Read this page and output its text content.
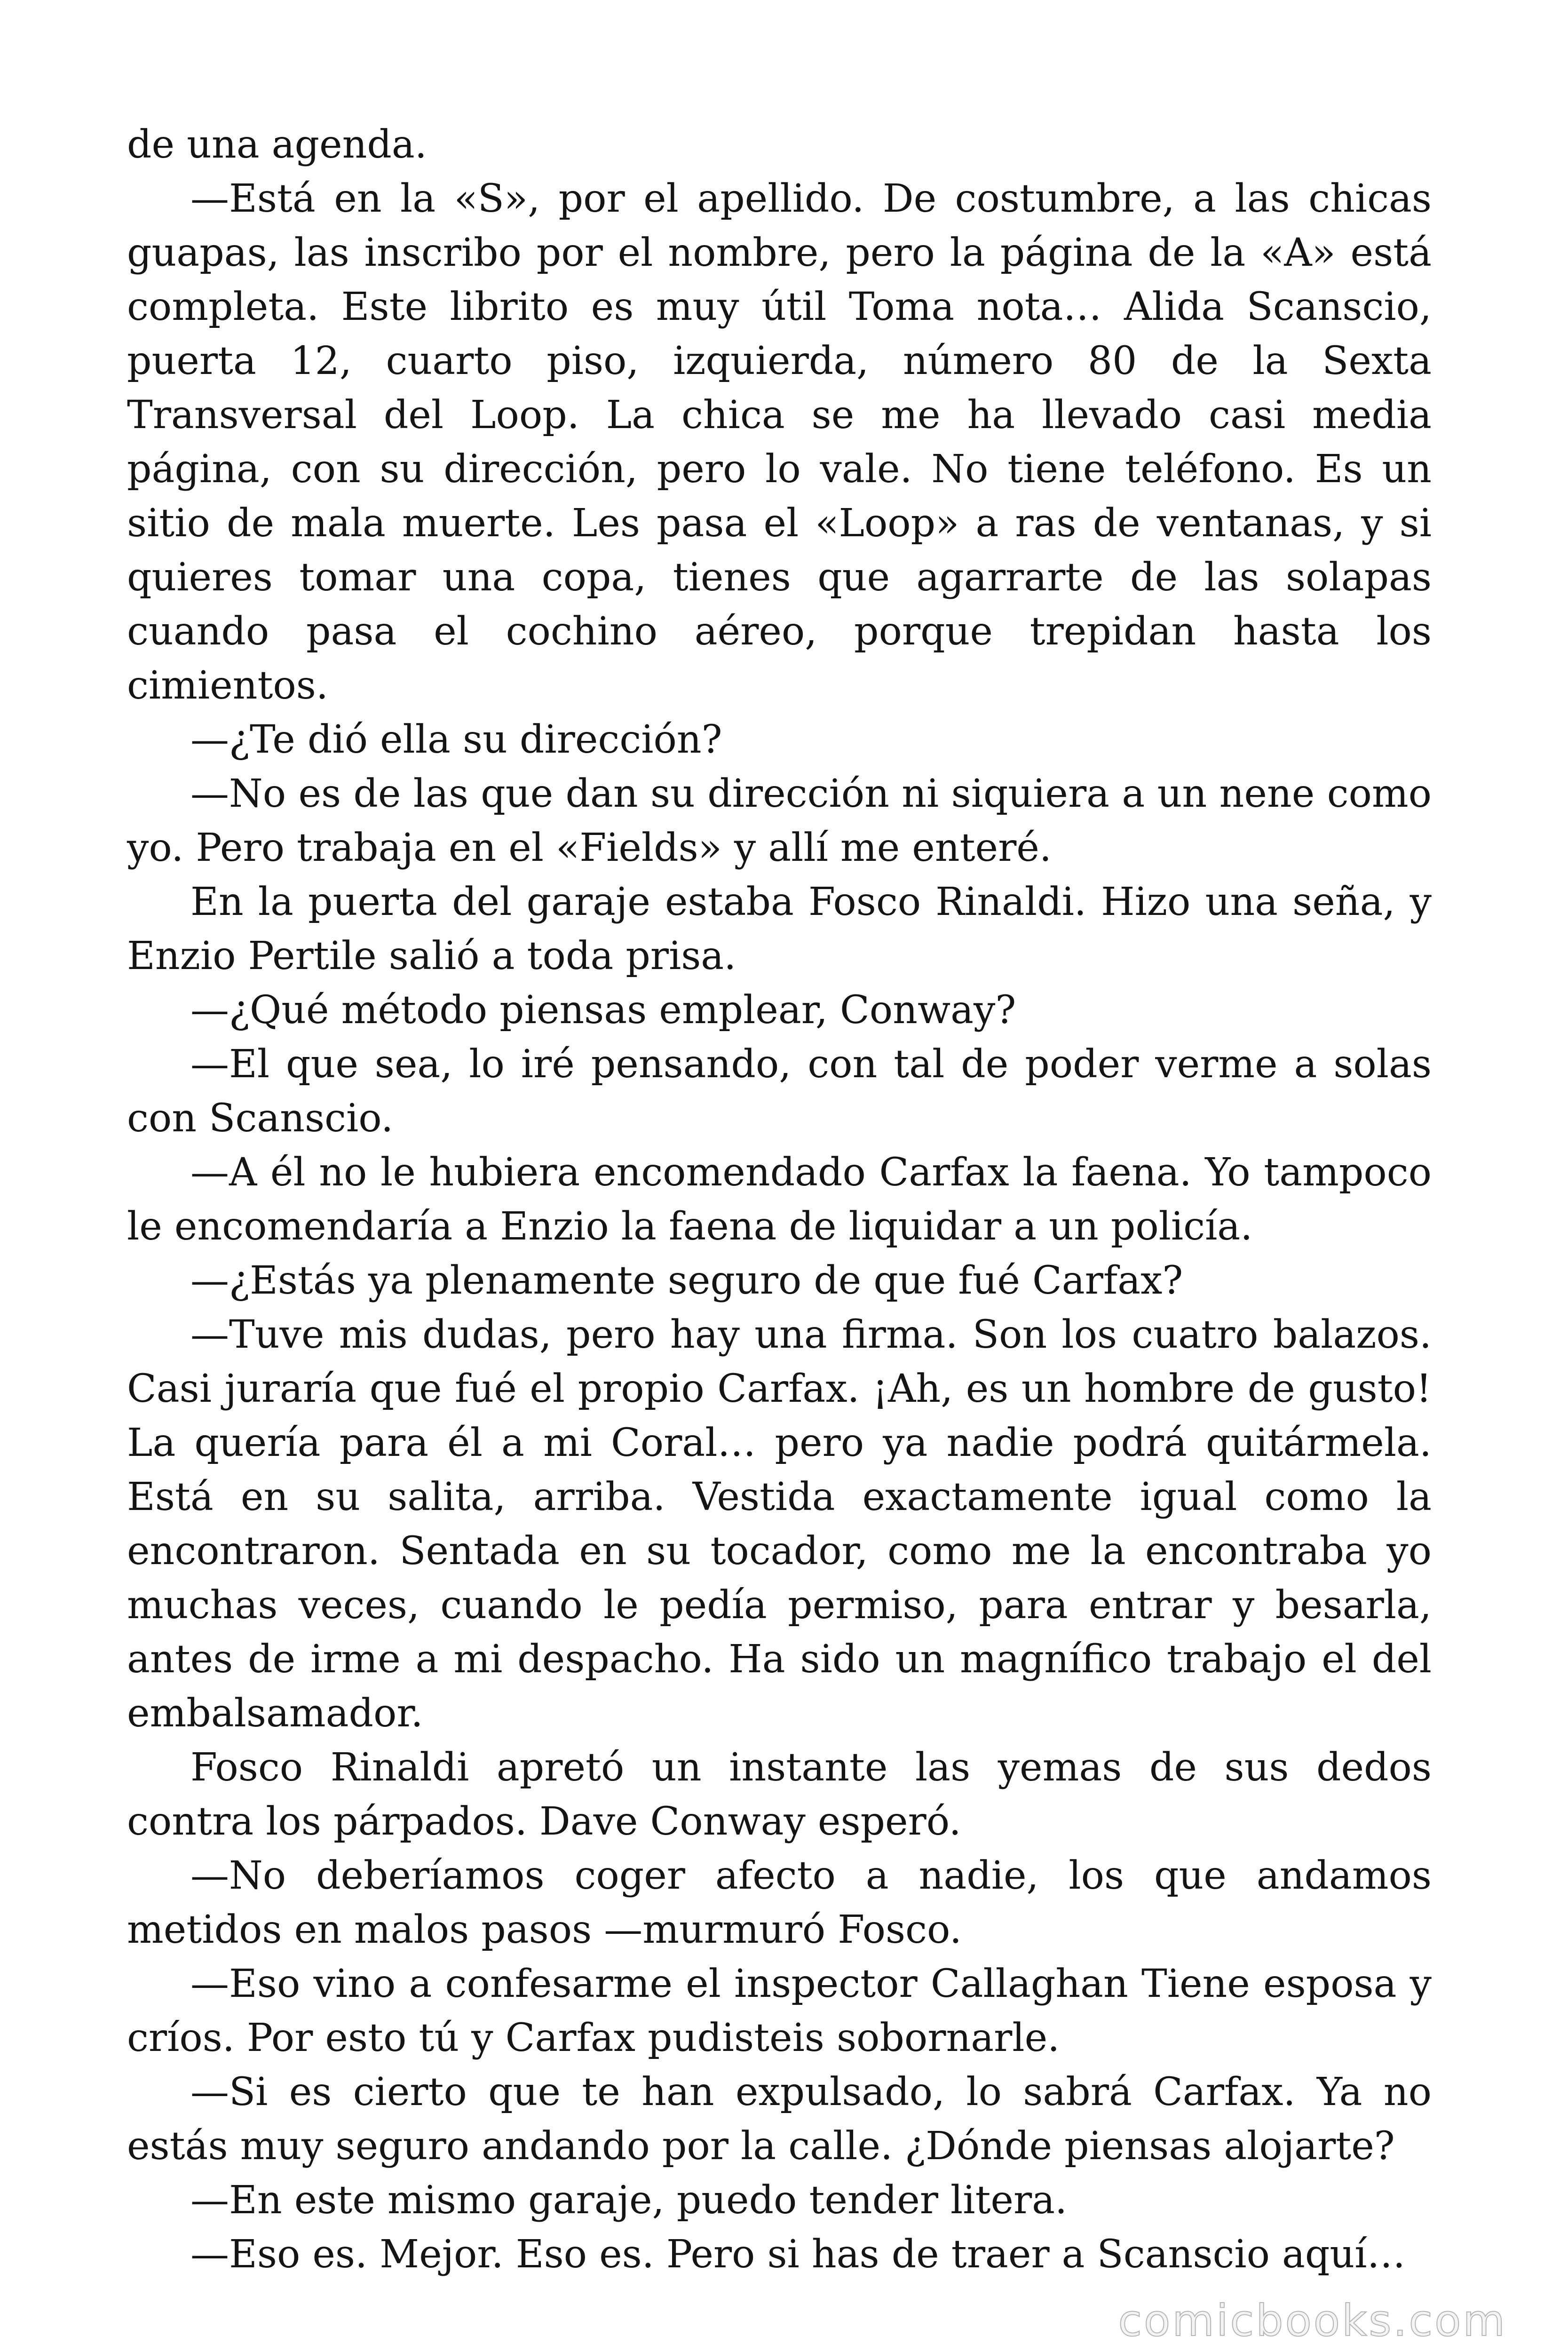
de una agenda.

—Está en la «S», por el apellido. De costumbre, a las chicas guapas, las inscribo por el nombre, pero la página de la «A» está completa. Este librito es muy útil Toma nota… Alida Scanscio, puerta 12, cuarto piso, izquierda, número 80 de la Sexta Transversal del Loop. La chica se me ha llevado casi media página, con su dirección, pero lo vale. No tiene teléfono. Es un sitio de mala muerte. Les pasa el «Loop» a ras de ventanas, y si quieres tomar una copa, tienes que agarrarte de las solapas cuando pasa el cochino aéreo, porque trepidan hasta los cimientos.

—¿Te dió ella su dirección?

—No es de las que dan su dirección ni siquiera a un nene como yo. Pero trabaja en el «Fields» y allí me enteré.

En la puerta del garaje estaba Fosco Rinaldi. Hizo una seña, y Enzio Pertile salió a toda prisa.

—¿Qué método piensas emplear, Conway?

—El que sea, lo iré pensando, con tal de poder verme a solas con Scanscio.

—A él no le hubiera encomendado Carfax la faena. Yo tampoco le encomendaría a Enzio la faena de liquidar a un policía.

—¿Estás ya plenamente seguro de que fué Carfax?

—Tuve mis dudas, pero hay una firma. Son los cuatro balazos. Casi juraría que fué el propio Carfax. ¡Ah, es un hombre de gusto! La quería para él a mi Coral… pero ya nadie podrá quitármela. Está en su salita, arriba. Vestida exactamente igual como la encontraron. Sentada en su tocador, como me la encontraba yo muchas veces, cuando le pedía permiso, para entrar y besarla, antes de irme a mi despacho. Ha sido un magnífico trabajo el del embalsamador.

Fosco Rinaldi apretó un instante las yemas de sus dedos contra los párpados. Dave Conway esperó.

—No deberíamos coger afecto a nadie, los que andamos metidos en malos pasos —murmuró Fosco.

—Eso vino a confesarme el inspector Callaghan Tiene esposa y críos. Por esto tú y Carfax pudisteis sobornarle.

—Si es cierto que te han expulsado, lo sabrá Carfax. Ya no estás muy seguro andando por la calle. ¿Dónde piensas alojarte?

—En este mismo garaje, puedo tender litera.

—Eso es. Mejor. Eso es. Pero si has de traer a Scanscio aquí…

comicbooks.com
